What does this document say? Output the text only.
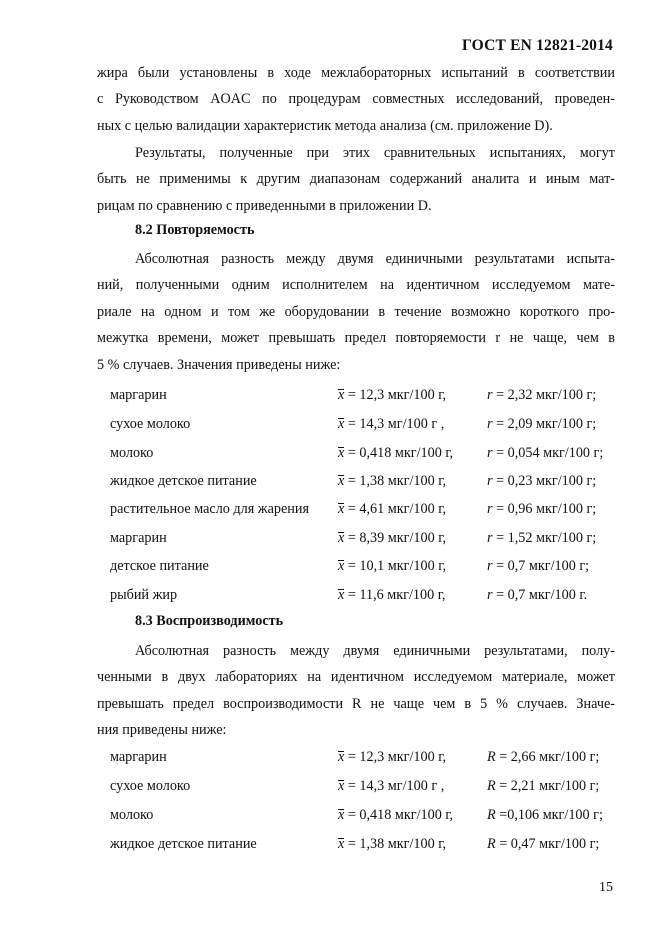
ГОСТ EN 12821-2014
жира были установлены в ходе межлабораторных испытаний в соответствии
с Руководством AOAC по процедурам совместных исследований, проведен-
ных с целью валидации характеристик метода анализа (см. приложение D).
Результаты, полученные при этих сравнительных испытаниях, могут
быть не применимы к другим диапазонам содержаний аналита и иным мат-
рицам по сравнению с приведенными в приложении D.
8.2 Повторяемость
Абсолютная разность между двумя единичными результатами испыта-
ний, полученными одним исполнителем на идентичном исследуемом мате-
риале на одном и том же оборудовании в течение возможно короткого про-
межутка времени, может превышать предел повторяемости r не чаще, чем в
5 % случаев. Значения приведены ниже:
маргарин	x = 12,3 мкг/100 г,	r = 2,32 мкг/100 г;
сухое молоко	x = 14,3 мг/100 г ,	r = 2,09 мкг/100 г;
молоко	x = 0,418 мкг/100 г, r = 0,054 мкг/100 г;
жидкое детское питание	x = 1,38 мкг/100 г,	r = 0,23 мкг/100 г;
растительное масло для жарения x = 4,61 мкг/100 г,	r = 0,96 мкг/100 г;
маргарин	x = 8,39 мкг/100 г,	r = 1,52 мкг/100 г;
детское питание	x = 10,1 мкг/100 г,	r = 0,7 мкг/100 г;
рыбий жир	x = 11,6 мкг/100 г,	r = 0,7 мкг/100 г.
8.3 Воспроизводимость
Абсолютная разность между двумя единичными результатами, полу-
ченными в двух лабораториях на идентичном исследуемом материале, может
превышать предел воспроизводимости R не чаще чем в 5 % случаев. Значе-
ния приведены ниже:
маргарин	x = 12,3 мкг/100 г,	R = 2,66 мкг/100 г;
сухое молоко	x = 14,3 мг/100 г ,	R = 2,21 мкг/100 г;
молоко	x = 0,418 мкг/100 г, R =0,106 мкг/100 г;
жидкое детское питание	x = 1,38 мкг/100 г,	R = 0,47 мкг/100 г;
15
